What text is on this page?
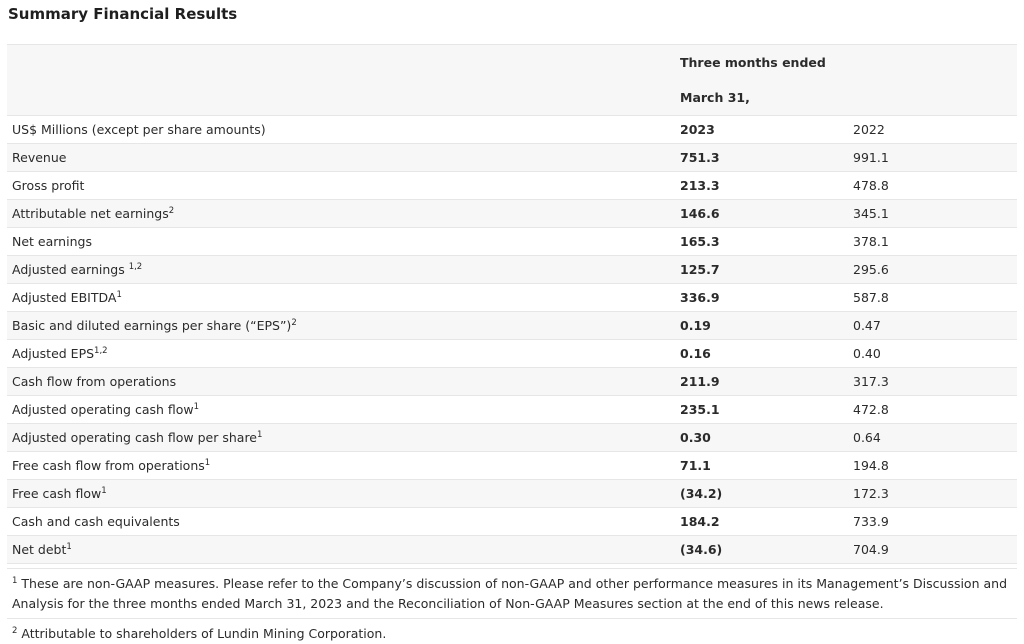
Summary Financial Results

	Three months ended
March 31,	

US$ Millions (except per share amounts)	2023	2022
Revenue	751.3	991.1
Gross profit	213.3	478.8
Attributable net earnings$^2$	146.6	345.1
Net earnings	165.3	378.1
Adjusted earnings $^{1,2}$	125.7	295.6
Adjusted EBITDA$^1$	336.9	587.8
Basic and diluted earnings per share (“EPS”)$^2$	0.19	0.47
Adjusted EPS$^{1,2}$	0.16	0.40
Cash flow from operations	211.9	317.3
Adjusted operating cash flow$^1$	235.1	472.8
Adjusted operating cash flow per share$^1$	0.30	0.64
Free cash flow from operations$^1$	71.1	194.8
Free cash flow$^1$	(34.2)	172.3
Cash and cash equivalents	184.2	733.9
Net debt$^1$	(34.6)	704.9
$^1$ These are non-GAAP measures. Please refer to the Company’s discussion of non-GAAP and other performance measures in its Management’s Discussion and Analysis for the three months ended March 31, 2023 and the Reconciliation of Non-GAAP Measures section at the end of this news release.
$^2$ Attributable to shareholders of Lundin Mining Corporation.
